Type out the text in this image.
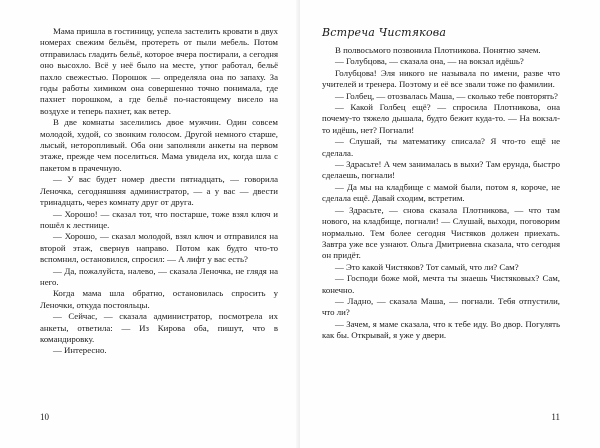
Мама пришла в гостиницу, успела застелить кровати в двух номерах свежим бельём, протереть от пыли мебель. Потом отправилась гладить бельё, которое вчера постирали, а сегодня оно высохло. Всё у неё было на месте, утюг работал, бельё пахло свежестью. Порошок — определяла она по запаху. За годы работы химиком она совершенно точно понимала, где пахнет порошком, а где бельё по-настоящему висело на воздухе и теперь пахнет, как ветер.

В две комнаты заселились двое мужчин. Один совсем молодой, худой, со звонким голосом. Другой немного старше, лысый, неторопливый. Оба они заполняли анкеты на первом этаже, прежде чем поселиться. Мама увидела их, когда шла с пакетом в прачечную.

— У вас будет номер двести пятнадцать, — говорила Леночка, сегодняшняя администратор, — а у вас — двести тринадцать, через комнату друг от друга.

— Хорошо! — сказал тот, что постарше, тоже взял ключ и пошёл к лестнице.

— Хорошо, — сказал молодой, взял ключ и отправился на второй этаж, свернув направо. Потом как будто что-то вспомнил, остановился, спросил: — А лифт у вас есть?

— Да, пожалуйста, налево, — сказала Леночка, не глядя на него.

Когда мама шла обратно, остановилась спросить у Леночки, откуда постояльцы.

— Сейчас, — сказала администратор, посмотрела их анкеты, ответила: — Из Кирова оба, пишут, что в командировку.

— Интересно.

10
Встреча Чистякова

В полвосьмого позвонила Плотникова. Понятно зачем.

— Голубцова, — сказала она, — на вокзал идёшь?

Голубцова! Эля никого не называла по имени, разве что учителей и тренера. Поэтому и её все звали тоже по фамилии.

— Голбец, — отозвалась Маша, — сколько тебе повторять?

— Какой Голбец ещё? — спросила Плотникова, она почему-то тяжело дышала, будто бежит куда-то. — На вокзал-то идёшь, нет? Погнали!

— Слушай, ты математику списала? Я что-то ещё не сделала.

— Здрасьте! А чем занималась в выхи? Там ерунда, быстро сделаешь, погнали!

— Да мы на кладбище с мамой были, потом я, короче, не сделала ещё. Давай сходим, встретим.

— Здрасьте, — снова сказала Плотникова, — что там нового, на кладбище, погнали! — Слушай, выходи, поговорим нормально. Тем более сегодня Чистяков должен приехать. Завтра уже все узнают. Ольга Дмитриевна сказала, что сегодня он придёт.

— Это какой Чистяков? Тот самый, что ли? Сам?

— Господи боже мой, мечта ты знаешь Чистяковых? Сам, конечно.

— Ладно, — сказала Маша, — погнали. Тебя отпустили, что ли?

— Зачем, я маме сказала, что к тебе иду. Во двор. Погулять как бы. Открывай, я уже у двери.

11
